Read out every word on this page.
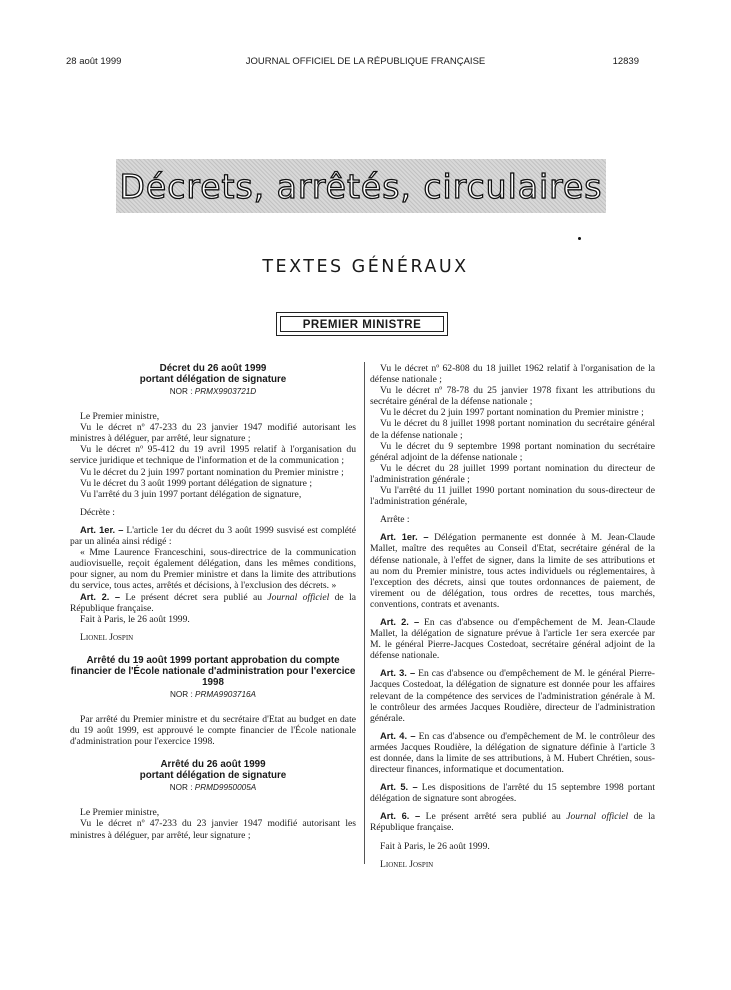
28 août 1999	JOURNAL OFFICIEL DE LA RÉPUBLIQUE FRANÇAISE	12839
Décrets, arrêtés, circulaires
TEXTES GÉNÉRAUX
PREMIER MINISTRE
Décret du 26 août 1999
portant délégation de signature
NOR : PRMX9903721D

Le Premier ministre,

Vu le décret nº 47-233 du 23 janvier 1947 modifié autorisant les ministres à déléguer, par arrêté, leur signature ;

Vu le décret nº 95-412 du 19 avril 1995 relatif à l'organisation du service juridique et technique de l'information et de la communication ;

Vu le décret du 2 juin 1997 portant nomination du Premier ministre ;

Vu le décret du 3 août 1999 portant délégation de signature ;

Vu l'arrêté du 3 juin 1997 portant délégation de signature,

Décrète :

Art. 1er. – L'article 1er du décret du 3 août 1999 susvisé est complété par un alinéa ainsi rédigé :

« Mme Laurence Franceschini, sous-directrice de la communication audiovisuelle, reçoit également délégation, dans les mêmes conditions, pour signer, au nom du Premier ministre et dans la limite des attributions du service, tous actes, arrêtés et décisions, à l'exclusion des décrets. »

Art. 2. – Le présent décret sera publié au Journal officiel de la République française.

Fait à Paris, le 26 août 1999.

Lionel Jospin

Arrêté du 19 août 1999 portant approbation du compte financier de l'École nationale d'administration pour l'exercice 1998
NOR : PRMA9903716A

Par arrêté du Premier ministre et du secrétaire d'Etat au budget en date du 19 août 1999, est approuvé le compte financier de l'École nationale d'administration pour l'exercice 1998.

Arrêté du 26 août 1999
portant délégation de signature
NOR : PRMD9950005A

Le Premier ministre,

Vu le décret nº 47-233 du 23 janvier 1947 modifié autorisant les ministres à déléguer, par arrêté, leur signature ;

Vu le décret nº 62-808 du 18 juillet 1962 relatif à l'organisation de la défense nationale ;

Vu le décret nº 78-78 du 25 janvier 1978 fixant les attributions du secrétaire général de la défense nationale ;

Vu le décret du 2 juin 1997 portant nomination du Premier ministre ;

Vu le décret du 8 juillet 1998 portant nomination du secrétaire général de la défense nationale ;

Vu le décret du 9 septembre 1998 portant nomination du secrétaire général adjoint de la défense nationale ;

Vu le décret du 28 juillet 1999 portant nomination du directeur de l'administration générale ;

Vu l'arrêté du 11 juillet 1990 portant nomination du sous-directeur de l'administration générale,

Arrête :

Art. 1er. – Délégation permanente est donnée à M. Jean-Claude Mallet, maître des requêtes au Conseil d'Etat, secrétaire général de la défense nationale, à l'effet de signer, dans la limite de ses attributions et au nom du Premier ministre, tous actes individuels ou réglementaires, à l'exception des décrets, ainsi que toutes ordonnances de paiement, de virement ou de délégation, tous ordres de recettes, tous marchés, conventions, contrats et avenants.

Art. 2. – En cas d'absence ou d'empêchement de M. Jean-Claude Mallet, la délégation de signature prévue à l'article 1er sera exercée par M. le général Pierre-Jacques Costedoat, secrétaire général adjoint de la défense nationale.

Art. 3. – En cas d'absence ou d'empêchement de M. le général Pierre-Jacques Costedoat, la délégation de signature est donnée pour les affaires relevant de la compétence des services de l'administration générale à M. le contrôleur des armées Jacques Roudière, directeur de l'administration générale.

Art. 4. – En cas d'absence ou d'empêchement de M. le contrôleur des armées Jacques Roudière, la délégation de signature définie à l'article 3 est donnée, dans la limite de ses attributions, à M. Hubert Chrétien, sous-directeur finances, informatique et documentation.

Art. 5. – Les dispositions de l'arrêté du 15 septembre 1998 portant délégation de signature sont abrogées.

Art. 6. – Le présent arrêté sera publié au Journal officiel de la République française.

Fait à Paris, le 26 août 1999.

Lionel Jospin
